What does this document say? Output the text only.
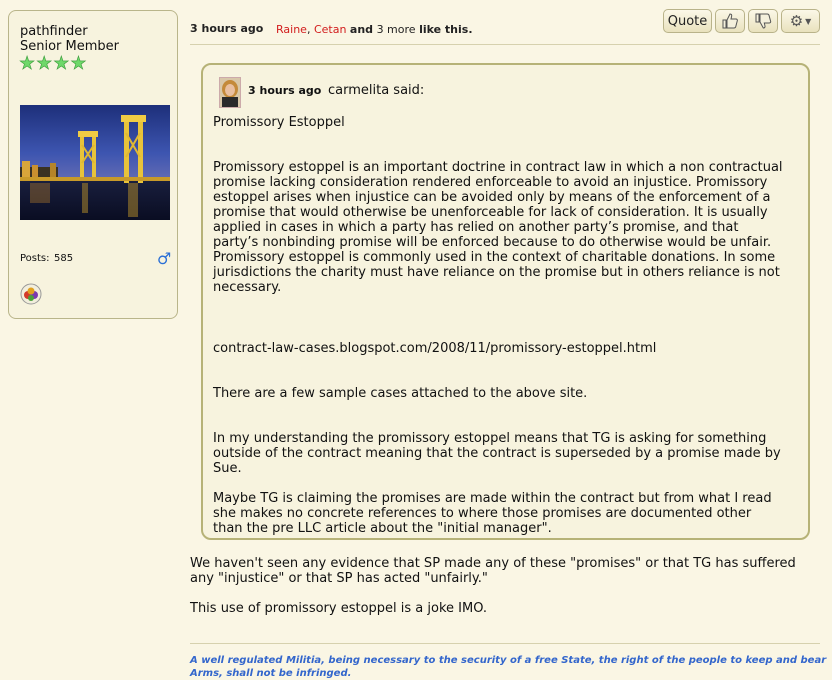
pathfinder
Senior Member
★ ★ ★ ★
Posts: 585	♂
3 hours ago Raine, Cetan and 3 more like this.
Quote	⚙ ▼
3 hours ago carmelita said:
Promissory Estoppel
Promissory estoppel is an important doctrine in contract law in which a non contractual
promise lacking consideration rendered enforceable to avoid an injustice. Promissory
estoppel arises when injustice can be avoided only by means of the enforcement of a
promise that would otherwise be unenforceable for lack of consideration. It is usually
applied in cases in which a party has relied on another party’s promise, and that
party’s nonbinding promise will be enforced because to do otherwise would be unfair.
Promissory estoppel is commonly used in the context of charitable donations. In some
jurisdictions the charity must have reliance on the promise but in others reliance is not
necessary.
contract-law-cases.blogspot.com/2008/11/promissory-estoppel.html
There are a few sample cases attached to the above site.
In my understanding the promissory estoppel means that TG is asking for something
outside of the contract meaning that the contract is superseded by a promise made by
Sue.
Maybe TG is claiming the promises are made within the contract but from what I read
she makes no concrete references to where those promises are documented other
than the pre LLC article about the "initial manager".
We haven't seen any evidence that SP made any of these "promises" or that TG has suffered
any "injustice" or that SP has acted "unfairly."
This use of promissory estoppel is a joke IMO.
A well regulated Militia, being necessary to the security of a free State, the right of the people to keep and bear Arms, shall not be infringed.
